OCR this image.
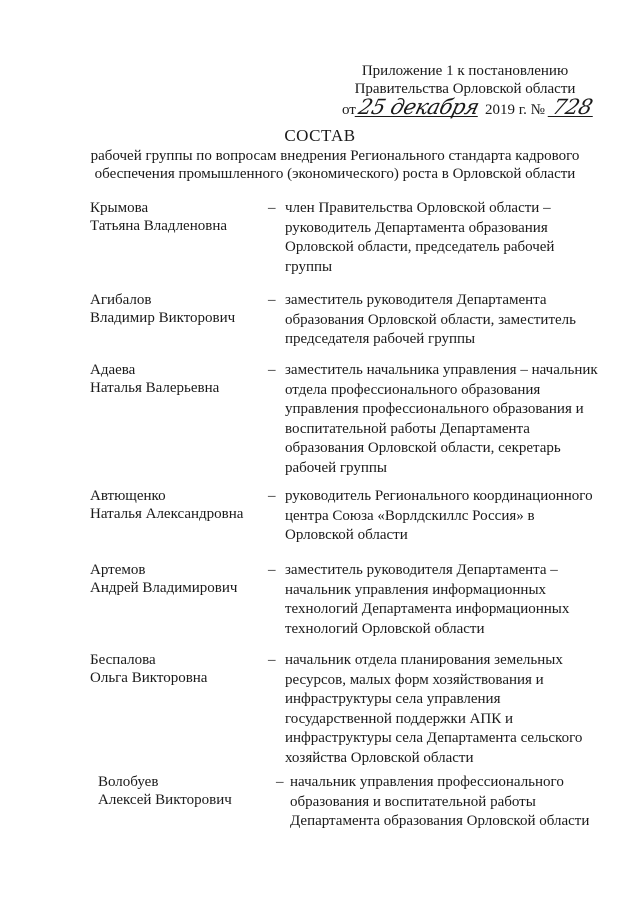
Приложение 1 к постановлению
Правительства Орловской области
от25 декабря 2019 г. № 728
СОСТАВ
рабочей группы по вопросам внедрения Регионального стандарта кадрового обеспечения промышленного (экономического) роста в Орловской области
Крымова
Татьяна Владленовна
– член Правительства Орловской области – руководитель Департамента образования Орловской области, председатель рабочей группы
Агибалов
Владимир Викторович
– заместитель руководителя Департамента образования Орловской области, заместитель председателя рабочей группы
Адаева
Наталья Валерьевна
– заместитель начальника управления – начальник отдела профессионального образования управления профессионального образования и воспитательной работы Департамента образования Орловской области, секретарь рабочей группы
Автющенко
Наталья Александровна
– руководитель Регионального координационного центра Союза «Ворлдскиллс Россия» в Орловской области
Артемов
Андрей Владимирович
– заместитель руководителя Департамента – начальник управления информационных технологий Департамента информационных технологий Орловской области
Беспалова
Ольга Викторовна
– начальник отдела планирования земельных ресурсов, малых форм хозяйствования и инфраструктуры села управления государственной поддержки АПК и инфраструктуры села Департамента сельского хозяйства Орловской области
Волобуев
Алексей Викторович
– начальник управления профессионального образования и воспитательной работы Департамента образования Орловской области
